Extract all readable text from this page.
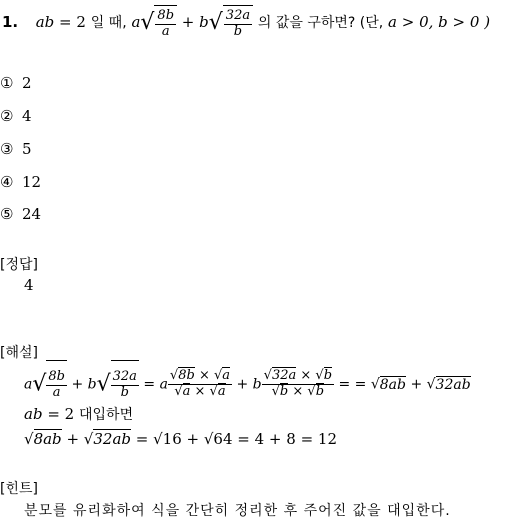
1. ab = 2 일 때, $a√ \frac{8b}{a} + b√ \frac{32a}{b}$ 의 값을 구하면? (단, a > 0, b > 0 )
① 2
② 4
③ 5
④ 12
⑤ 24
[정답]
4
[해설]
$a√ \frac{8b}{a} + b√ \frac{32a}{b} = a \frac{√8b \times √a}{√a \times √a} + b \frac{√32a \times √b}{√b \times √b}$ = = √8ab + √32ab
ab = 2 대입하면
√8ab + √32ab = √16 + √64 = 4 + 8 = 12
[힌트]
분모를 유리화하여 식을 간단히 정리한 후 주어진 값을 대입한다.
